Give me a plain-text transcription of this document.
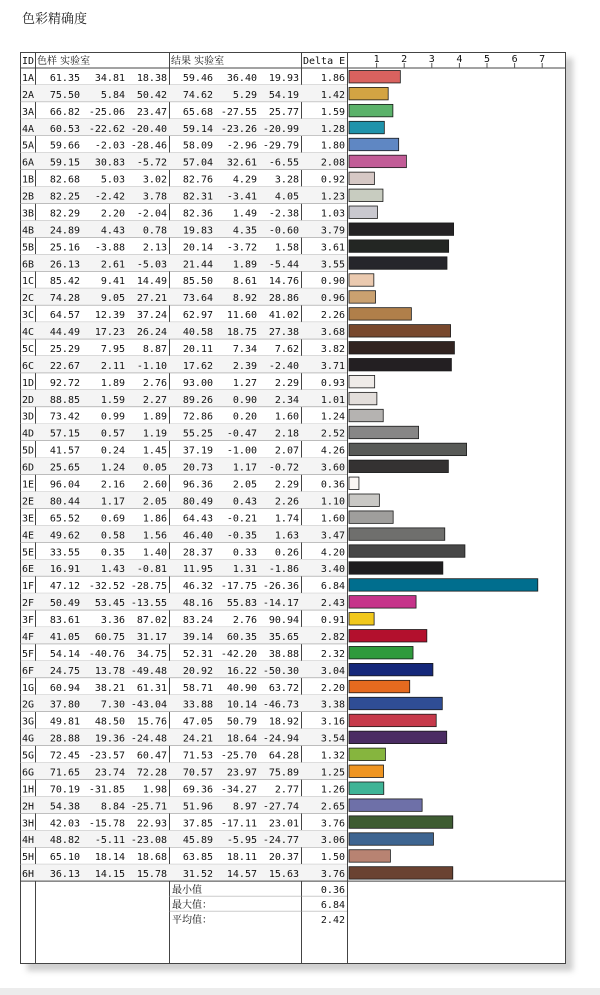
色彩精确度
ID 色样 实验室	结果 实验室	Delta E	1 2 3 4 5 6 7
1A 61.35 34.81 18.38 59.46 36.40 19.93 1.86
2A 75.50 5.84 50.42 74.62 5.29 54.19 1.42
3A 66.82 -25.06 23.47 65.68 -27.55 25.77 1.59
4A 60.53 -22.62 -20.40 59.14 -23.26 -20.99 1.28
5A 59.66 -2.03 -28.46 58.09 -2.96 -29.79 1.80
6A 59.15 30.83 -5.72 57.04 32.61 -6.55 2.08
1B 82.68 5.03 3.02 82.76 4.29 3.28 0.92
2B 82.25 -2.42 3.78 82.31 -3.41 4.05 1.23
3B 82.29 2.20 -2.04 82.36 1.49 -2.38 1.03
4B 24.89 4.43 0.78 19.83 4.35 -0.60 3.79
5B 25.16 -3.88 2.13 20.14 -3.72 1.58 3.61
6B 26.13 2.61 -5.03 21.44 1.89 -5.44 3.55
1C 85.42 9.41 14.49 85.50 8.61 14.76 0.90
2C 74.28 9.05 27.21 73.64 8.92 28.86 0.96
3C 64.57 12.39 37.24 62.97 11.60 41.02 2.26
4C 44.49 17.23 26.24 40.58 18.75 27.38 3.68
5C 25.29 7.95 8.87 20.11 7.34 7.62 3.82
6C 22.67 2.11 -1.10 17.62 2.39 -2.40 3.71
1D 92.72 1.89 2.76 93.00 1.27 2.29 0.93
2D 88.85 1.59 2.27 89.26 0.90 2.34 1.01
3D 73.42 0.99 1.89 72.86 0.20 1.60 1.24
4D 57.15 0.57 1.19 55.25 -0.47 2.18 2.52
5D 41.57 0.24 1.45 37.19 -1.00 2.07 4.26
6D 25.65 1.24 0.05 20.73 1.17 -0.72 3.60
1E 96.04 2.16 2.60 96.36 2.05 2.29 0.36
2E 80.44 1.17 2.05 80.49 0.43 2.26 1.10
3E 65.52 0.69 1.86 64.43 -0.21 1.74 1.60
4E 49.62 0.58 1.56 46.40 -0.35 1.63 3.47
5E 33.55 0.35 1.40 28.37 0.33 0.26 4.20
6E 16.91 1.43 -0.81 11.95 1.31 -1.86 3.40
1F 47.12 -32.52 -28.75 46.32 -17.75 -26.36 6.84
2F 50.49 53.45 -13.55 48.16 55.83 -14.17 2.43
3F 83.61 3.36 87.02 83.24 2.76 90.94 0.91
4F 41.05 60.75 31.17 39.14 60.35 35.65 2.82
5F 54.14 -40.76 34.75 52.31 -42.20 38.88 2.32
6F 24.75 13.78 -49.48 20.92 16.22 -50.30 3.04
1G 60.94 38.21 61.31 58.71 40.90 63.72 2.20
2G 37.80 7.30 -43.04 33.88 10.14 -46.73 3.38
3G 49.81 48.50 15.76 47.05 50.79 18.92 3.16
4G 28.88 19.36 -24.48 24.21 18.64 -24.94 3.54
5G 72.45 -23.57 60.47 71.53 -25.70 64.28 1.32
6G 71.65 23.74 72.28 70.57 23.97 75.89 1.25
1H 70.19 -31.85 1.98 69.36 -34.27 2.77 1.26
2H 54.38 8.84 -25.71 51.96 8.97 -27.74 2.65
3H 42.03 -15.78 22.93 37.85 -17.11 23.01 3.76
4H 48.82 -5.11 -23.08 45.89 -5.95 -24.77 3.06
5H 65.10 18.14 18.68 63.85 18.11 20.37 1.50
6H 36.13 14.15 15.78 31.52 14.57 15.63 3.76
最小值	0.36
最大值：	6.84
平均值：	2.42
